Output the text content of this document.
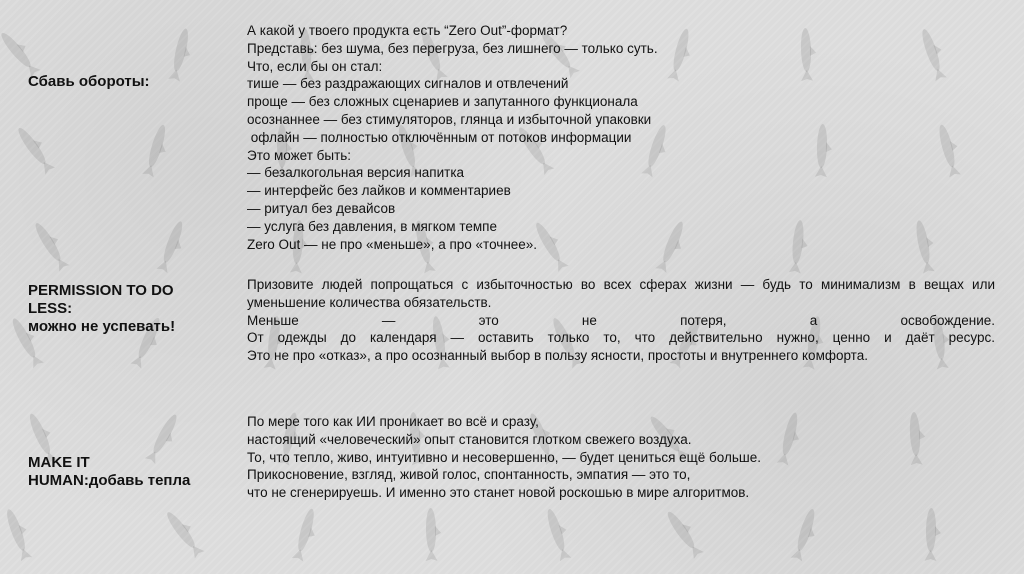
Сбавь обороты:
А какой у твоего продукта есть “Zero Out”-формат?
Представь: без шума, без перегруза, без лишнего — только суть.
Что, если бы он стал:
тише — без раздражающих сигналов и отвлечений
проще — без сложных сценариев и запутанного функционала
осознаннее — без стимуляторов, глянца и избыточной упаковки
офлайн — полностью отключённым от потоков информации
Это может быть:
— безалкогольная версия напитка
— интерфейс без лайков и комментариев
— ритуал без девайсов
— услуга без давления, в мягком темпе
Zero Out — не про «меньше», а про «точнее».
PERMISSION TO DO
LESS:
можно не успевать!
Призовите людей попрощаться с избыточностью во всех сферах жизни — будь то минимализм в вещах или уменьшение количества обязательств.
Меньше — это не потеря, а освобождение.
От одежды до календаря — оставить только то, что действительно нужно, ценно и даёт ресурс.
Это не про «отказ», а про осознанный выбор в пользу ясности, простоты и внутреннего комфорта.
MAKE IT
HUMAN:добавь тепла
По мере того как ИИ проникает во всё и сразу,
настоящий «человеческий» опыт становится глотком свежего воздуха.
То, что тепло, живо, интуитивно и несовершенно, — будет цениться ещё больше.
Прикосновение, взгляд, живой голос, спонтанность, эмпатия — это то,
что не сгенерируешь. И именно это станет новой роскошью в мире алгоритмов.
